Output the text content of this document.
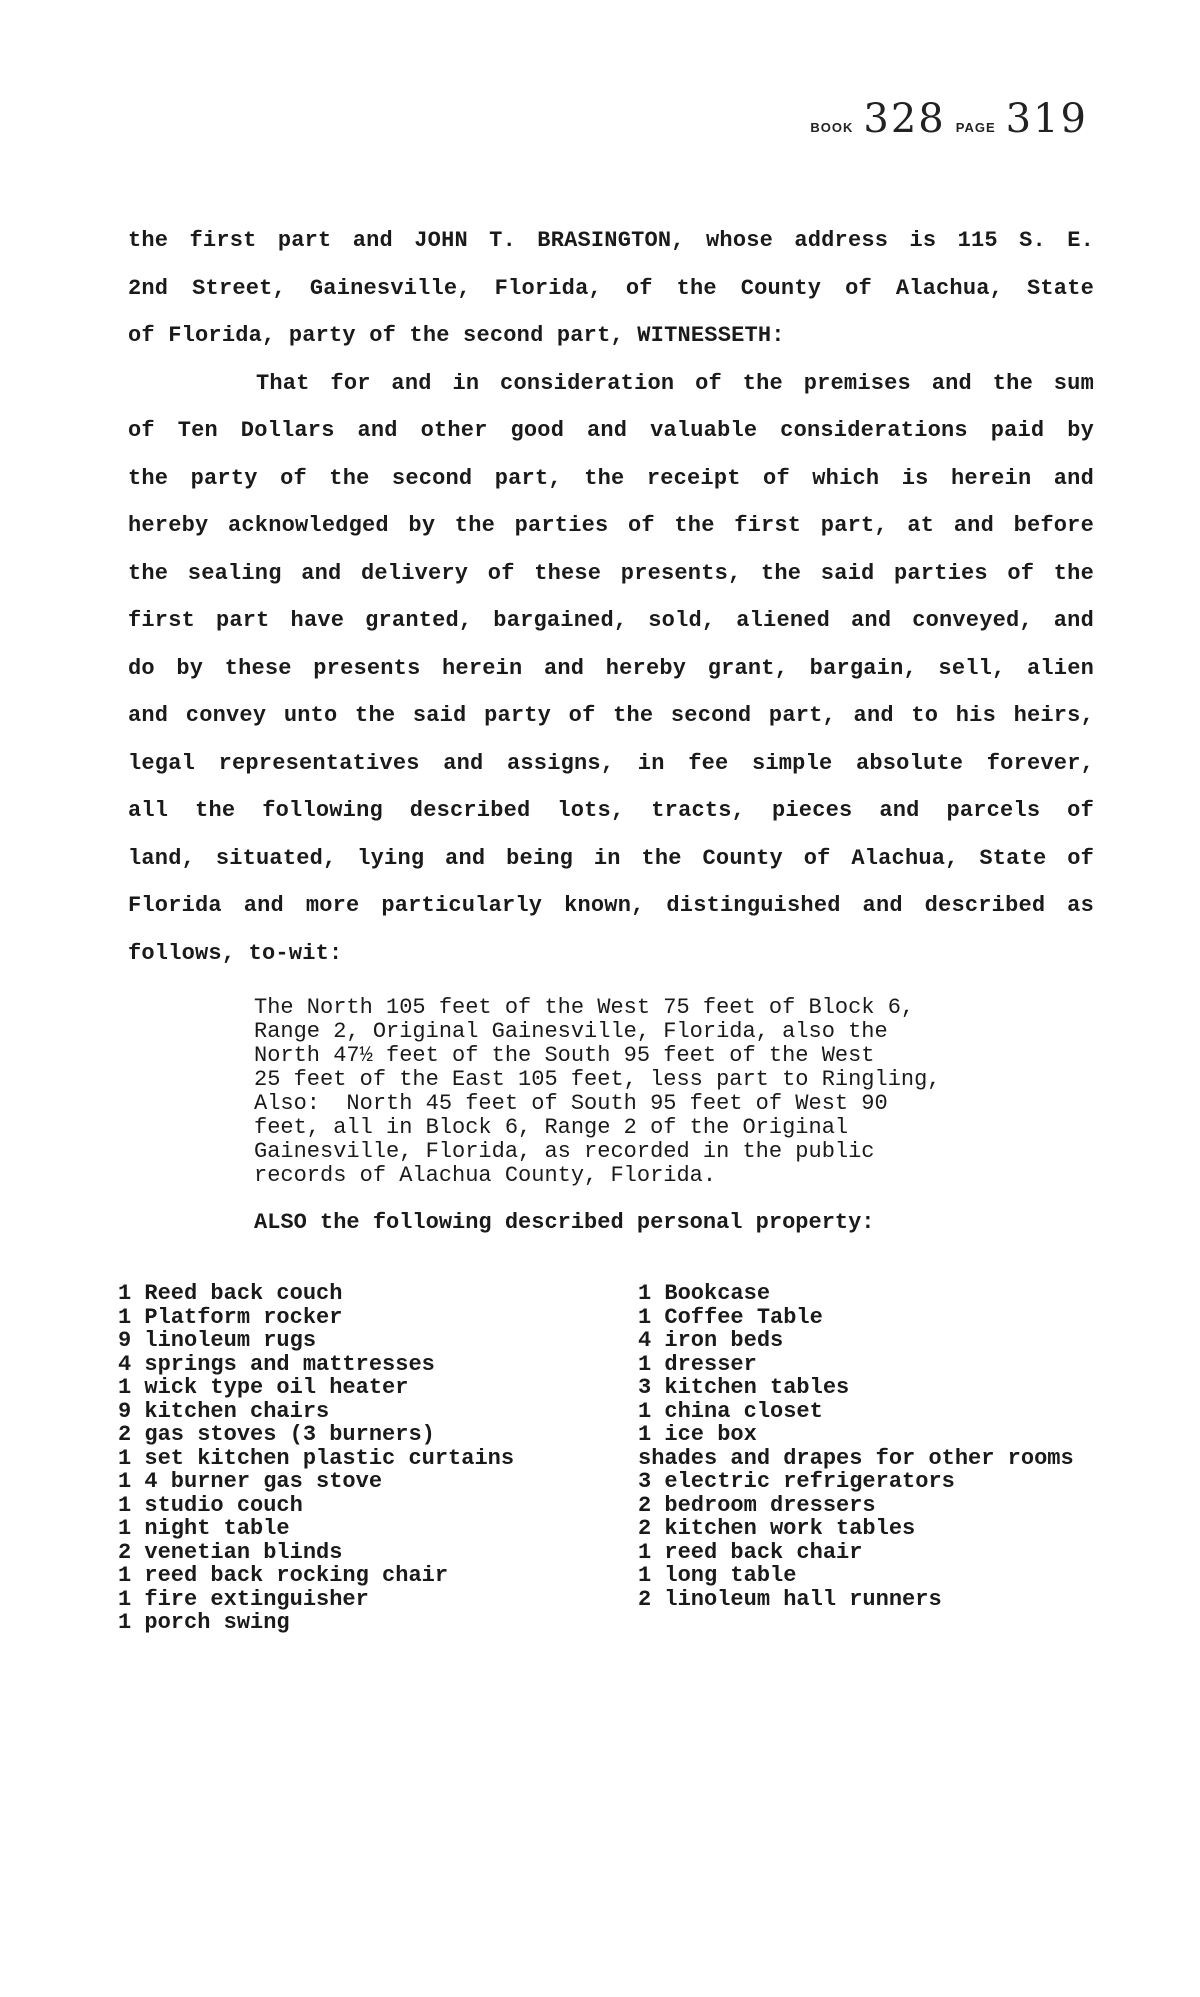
BOOK 328 PAGE 319
the first part and JOHN T. BRASINGTON, whose address is 115 S. E.
2nd Street, Gainesville, Florida, of the County of Alachua, State
of Florida, party of the second part, WITNESSETH:
That for and in consideration of the premises and the sum
of Ten Dollars and other good and valuable considerations paid by
the party of the second part, the receipt of which is herein and
hereby acknowledged by the parties of the first part, at and before
the sealing and delivery of these presents, the said parties of the
first part have granted, bargained, sold, aliened and conveyed, and
do by these presents herein and hereby grant, bargain, sell, alien
and convey unto the said party of the second part, and to his heirs,
legal representatives and assigns, in fee simple absolute forever,
all the following described lots, tracts, pieces and parcels of
land, situated, lying and being in the County of Alachua, State of
Florida and more particularly known, distinguished and described as
follows, to-wit:
The North 105 feet of the West 75 feet of Block 6,
Range 2, Original Gainesville, Florida, also the
North 47½ feet of the South 95 feet of the West
25 feet of the East 105 feet, less part to Ringling,
Also:  North 45 feet of South 95 feet of West 90
feet, all in Block 6, Range 2 of the Original
Gainesville, Florida, as recorded in the public
records of Alachua County, Florida.
ALSO the following described personal property:
1 Reed back couch
1 Platform rocker
9 linoleum rugs
4 springs and mattresses
1 wick type oil heater
9 kitchen chairs
2 gas stoves (3 burners)
1 set kitchen plastic curtains
1 4 burner gas stove
1 studio couch
1 night table
2 venetian blinds
1 reed back rocking chair
1 fire extinguisher
1 porch swing
1 Bookcase
1 Coffee Table
4 iron beds
1 dresser
3 kitchen tables
1 china closet
1 ice box
shades and drapes for other rooms
3 electric refrigerators
2 bedroom dressers
2 kitchen work tables
1 reed back chair
1 long table
2 linoleum hall runners
